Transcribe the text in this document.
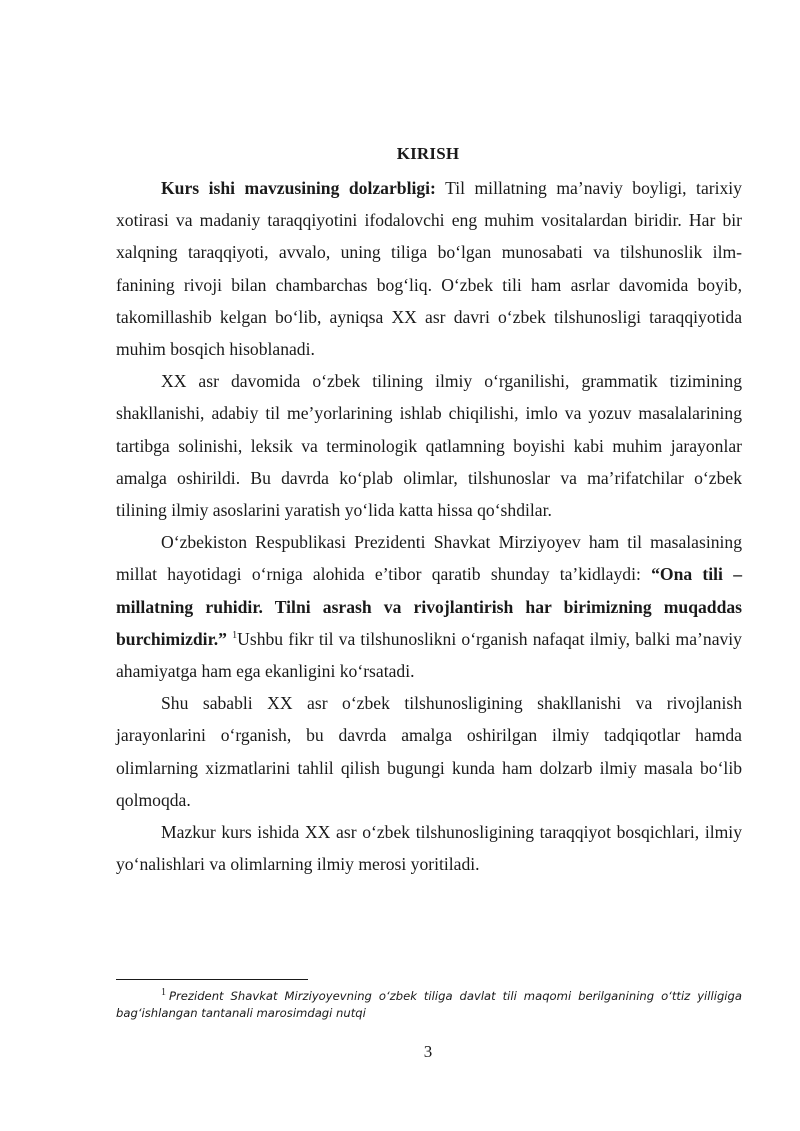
KIRISH

Kurs ishi mavzusining dolzarbligi: Til millatning ma’naviy boyligi, tarixiy xotirasi va madaniy taraqqiyotini ifodalovchi eng muhim vositalardan biridir. Har bir xalqning taraqqiyoti, avvalo, uning tiliga bo‘lgan munosabati va tilshunoslik ilm-fanining rivoji bilan chambarchas bog‘liq. O‘zbek tili ham asrlar davomida boyib, takomillashib kelgan bo‘lib, ayniqsa XX asr davri o‘zbek tilshunosligi taraqqiyotida muhim bosqich hisoblanadi.

XX asr davomida o‘zbek tilining ilmiy o‘rganilishi, grammatik tizimining shakllanishi, adabiy til me’yorlarining ishlab chiqilishi, imlo va yozuv masalalarining tartibga solinishi, leksik va terminologik qatlamning boyishi kabi muhim jarayonlar amalga oshirildi. Bu davrda ko‘plab olimlar, tilshunoslar va ma’rifatchilar o‘zbek tilining ilmiy asoslarini yaratish yo‘lida katta hissa qo‘shdilar.

O‘zbekiston Respublikasi Prezidenti Shavkat Mirziyoyev ham til masalasining millat hayotidagi o‘rniga alohida e’tibor qaratib shunday ta’kidlaydi: “Ona tili – millatning ruhidir. Tilni asrash va rivojlantirish har birimizning muqaddas burchimizdir.” $^1$Ushbu fikr til va tilshunoslikni o‘rganish nafaqat ilmiy, balki ma’naviy ahamiyatga ham ega ekanligini ko‘rsatadi.

Shu sababli XX asr o‘zbek tilshunosligining shakllanishi va rivojlanish jarayonlarini o‘rganish, bu davrda amalga oshirilgan ilmiy tadqiqotlar hamda olimlarning xizmatlarini tahlil qilish bugungi kunda ham dolzarb ilmiy masala bo‘lib qolmoqda.

Mazkur kurs ishida XX asr o‘zbek tilshunosligining taraqqiyot bosqichlari, ilmiy yo‘nalishlari va olimlarning ilmiy merosi yoritiladi.

1 Prezident Shavkat Mirziyoyevning o‘zbek tiliga davlat tili maqomi berilganining o‘ttiz yilligiga bag‘ishlangan tantanali marosimdagi nutqi
3
